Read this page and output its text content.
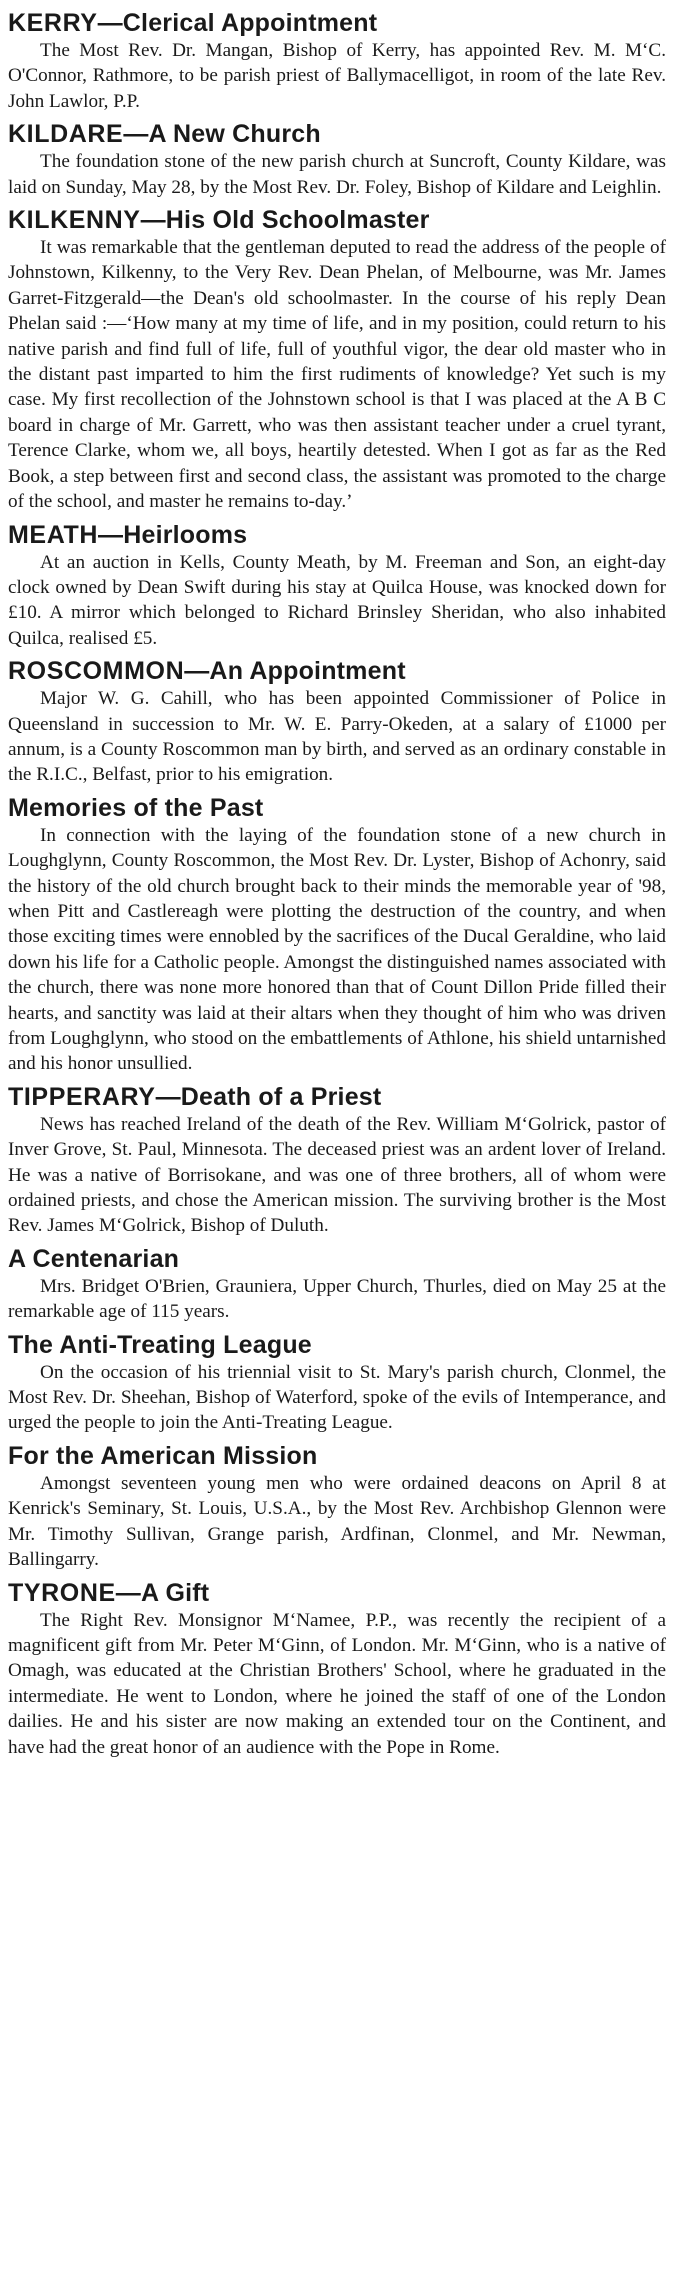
KERRY—Clerical Appointment

The Most Rev. Dr. Mangan, Bishop of Kerry, has appointed Rev. M. M‘C. O'Connor, Rathmore, to be parish priest of Ballymacelligot, in room of the late Rev. John Lawlor, P.P.

KILDARE—A New Church

The foundation stone of the new parish church at Suncroft, County Kildare, was laid on Sunday, May 28, by the Most Rev. Dr. Foley, Bishop of Kildare and Leighlin.

KILKENNY—His Old Schoolmaster

It was remarkable that the gentleman deputed to read the address of the people of Johnstown, Kilkenny, to the Very Rev. Dean Phelan, of Melbourne, was Mr. James Garret-Fitzgerald—the Dean's old schoolmaster. In the course of his reply Dean Phelan said :—‘How many at my time of life, and in my position, could return to his native parish and find full of life, full of youthful vigor, the dear old master who in the distant past imparted to him the first rudiments of knowledge? Yet such is my case. My first recollection of the Johnstown school is that I was placed at the A B C board in charge of Mr. Garrett, who was then assistant teacher under a cruel tyrant, Terence Clarke, whom we, all boys, heartily detested. When I got as far as the Red Book, a step between first and second class, the assistant was promoted to the charge of the school, and master he remains to-day.’

MEATH—Heirlooms

At an auction in Kells, County Meath, by M. Freeman and Son, an eight-day clock owned by Dean Swift during his stay at Quilca House, was knocked down for £10. A mirror which belonged to Richard Brinsley Sheridan, who also inhabited Quilca, realised £5.

ROSCOMMON—An Appointment

Major W. G. Cahill, who has been appointed Commissioner of Police in Queensland in succession to Mr. W. E. Parry-Okeden, at a salary of £1000 per annum, is a County Roscommon man by birth, and served as an ordinary constable in the R.I.C., Belfast, prior to his emigration.

Memories of the Past

In connection with the laying of the foundation stone of a new church in Loughglynn, County Roscommon, the Most Rev. Dr. Lyster, Bishop of Achonry, said the history of the old church brought back to their minds the memorable year of '98, when Pitt and Castlereagh were plotting the destruction of the country, and when those exciting times were ennobled by the sacrifices of the Ducal Geraldine, who laid down his life for a Catholic people. Amongst the distinguished names associated with the church, there was none more honored than that of Count Dillon Pride filled their hearts, and sanctity was laid at their altars when they thought of him who was driven from Loughglynn, who stood on the embattlements of Athlone, his shield untarnished and his honor unsullied.

TIPPERARY—Death of a Priest

News has reached Ireland of the death of the Rev. William M‘Golrick, pastor of Inver Grove, St. Paul, Minnesota. The deceased priest was an ardent lover of Ireland. He was a native of Borrisokane, and was one of three brothers, all of whom were ordained priests, and chose the American mission. The surviving brother is the Most Rev. James M‘Golrick, Bishop of Duluth.

A Centenarian

Mrs. Bridget O'Brien, Grauniera, Upper Church, Thurles, died on May 25 at the remarkable age of 115 years.

The Anti-Treating League

On the occasion of his triennial visit to St. Mary's parish church, Clonmel, the Most Rev. Dr. Sheehan, Bishop of Waterford, spoke of the evils of Intemperance, and urged the people to join the Anti-Treating League.

For the American Mission

Amongst seventeen young men who were ordained deacons on April 8 at Kenrick's Seminary, St. Louis, U.S.A., by the Most Rev. Archbishop Glennon were Mr. Timothy Sullivan, Grange parish, Ardfinan, Clonmel, and Mr. Newman, Ballingarry.

TYRONE—A Gift

The Right Rev. Monsignor M‘Namee, P.P., was recently the recipient of a magnificent gift from Mr. Peter M‘Ginn, of London. Mr. M‘Ginn, who is a native of Omagh, was educated at the Christian Brothers' School, where he graduated in the intermediate. He went to London, where he joined the staff of one of the London dailies. He and his sister are now making an extended tour on the Continent, and have had the great honor of an audience with the Pope in Rome.
